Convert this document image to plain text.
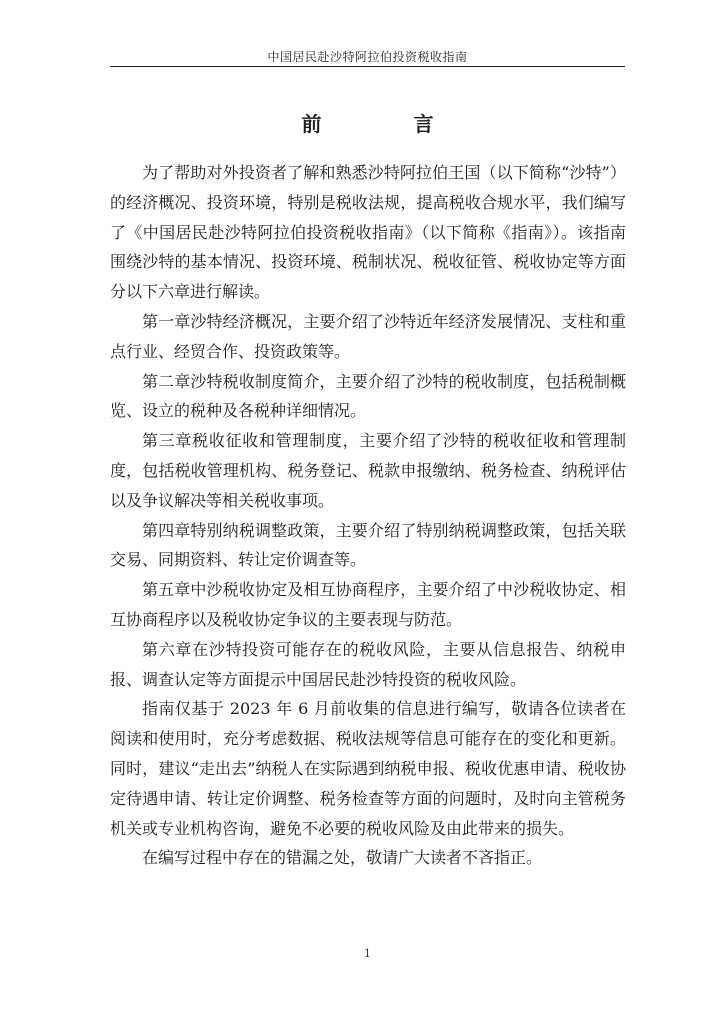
中国居民赴沙特阿拉伯投资税收指南
前　言

为了帮助对外投资者了解和熟悉沙特阿拉伯王国（以下简称“沙特”）的经济概况、投资环境，特别是税收法规，提高税收合规水平，我们编写了《中国居民赴沙特阿拉伯投资税收指南》（以下简称《指南》）。该指南围绕沙特的基本情况、投资环境、税制状况、税收征管、税收协定等方面分以下六章进行解读。

第一章沙特经济概况，主要介绍了沙特近年经济发展情况、支柱和重点行业、经贸合作、投资政策等。

第二章沙特税收制度简介，主要介绍了沙特的税收制度，包括税制概览、设立的税种及各税种详细情况。

第三章税收征收和管理制度，主要介绍了沙特的税收征收和管理制度，包括税收管理机构、税务登记、税款申报缴纳、税务检查、纳税评估以及争议解决等相关税收事项。

第四章特别纳税调整政策，主要介绍了特别纳税调整政策，包括关联交易、同期资料、转让定价调查等。

第五章中沙税收协定及相互协商程序，主要介绍了中沙税收协定、相互协商程序以及税收协定争议的主要表现与防范。

第六章在沙特投资可能存在的税收风险，主要从信息报告、纳税申报、调查认定等方面提示中国居民赴沙特投资的税收风险。

指南仅基于 2023 年 6 月前收集的信息进行编写，敬请各位读者在阅读和使用时，充分考虑数据、税收法规等信息可能存在的变化和更新。同时，建议“走出去”纳税人在实际遇到纳税申报、税收优惠申请、税收协定待遇申请、转让定价调整、税务检查等方面的问题时，及时向主管税务机关或专业机构咨询，避免不必要的税收风险及由此带来的损失。

在编写过程中存在的错漏之处，敬请广大读者不吝指正。

1
